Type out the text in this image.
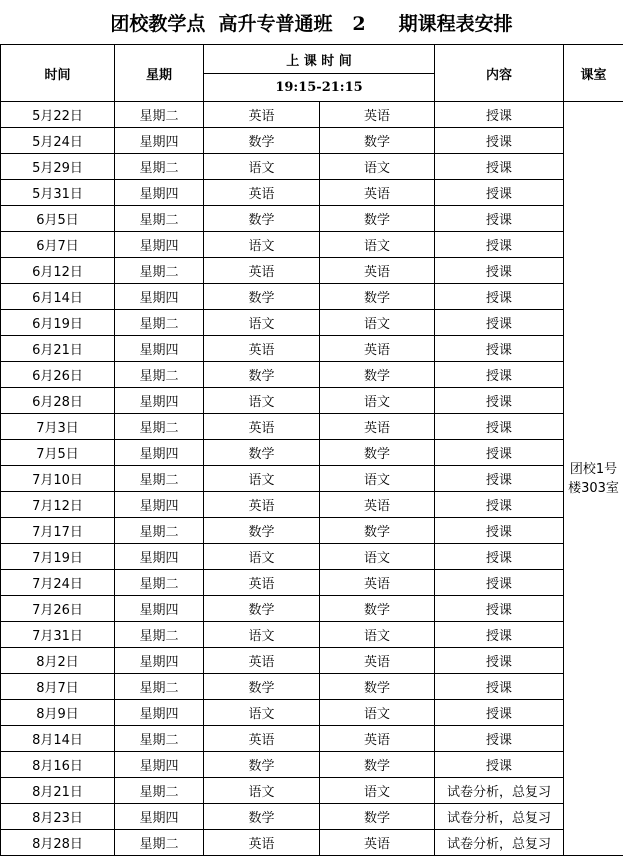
团校教学点  高升专普通班   2     期课程表安排
时间	星期	上 课 时 间		内容	课室
		19:15-21:15			
5月22日	星期二	英语	英语	授课	团校1号楼303室
5月24日	星期四	数学	数学	授课	
5月29日	星期二	语文	语文	授课	
5月31日	星期四	英语	英语	授课	
6月5日	星期二	数学	数学	授课	
6月7日	星期四	语文	语文	授课	
6月12日	星期二	英语	英语	授课	
6月14日	星期四	数学	数学	授课	
6月19日	星期二	语文	语文	授课	
6月21日	星期四	英语	英语	授课	
6月26日	星期二	数学	数学	授课	
6月28日	星期四	语文	语文	授课	
7月3日	星期二	英语	英语	授课	
7月5日	星期四	数学	数学	授课	
7月10日	星期二	语文	语文	授课	
7月12日	星期四	英语	英语	授课	
7月17日	星期二	数学	数学	授课	
7月19日	星期四	语文	语文	授课	
7月24日	星期二	英语	英语	授课	
7月26日	星期四	数学	数学	授课	
7月31日	星期二	语文	语文	授课	
8月2日	星期四	英语	英语	授课	
8月7日	星期二	数学	数学	授课	
8月9日	星期四	语文	语文	授课	
8月14日	星期二	英语	英语	授课	
8月16日	星期四	数学	数学	授课	
8月21日	星期二	语文	语文	试卷分析，总复习	
8月23日	星期四	数学	数学	试卷分析，总复习	
8月28日	星期二	英语	英语	试卷分析，总复习	
